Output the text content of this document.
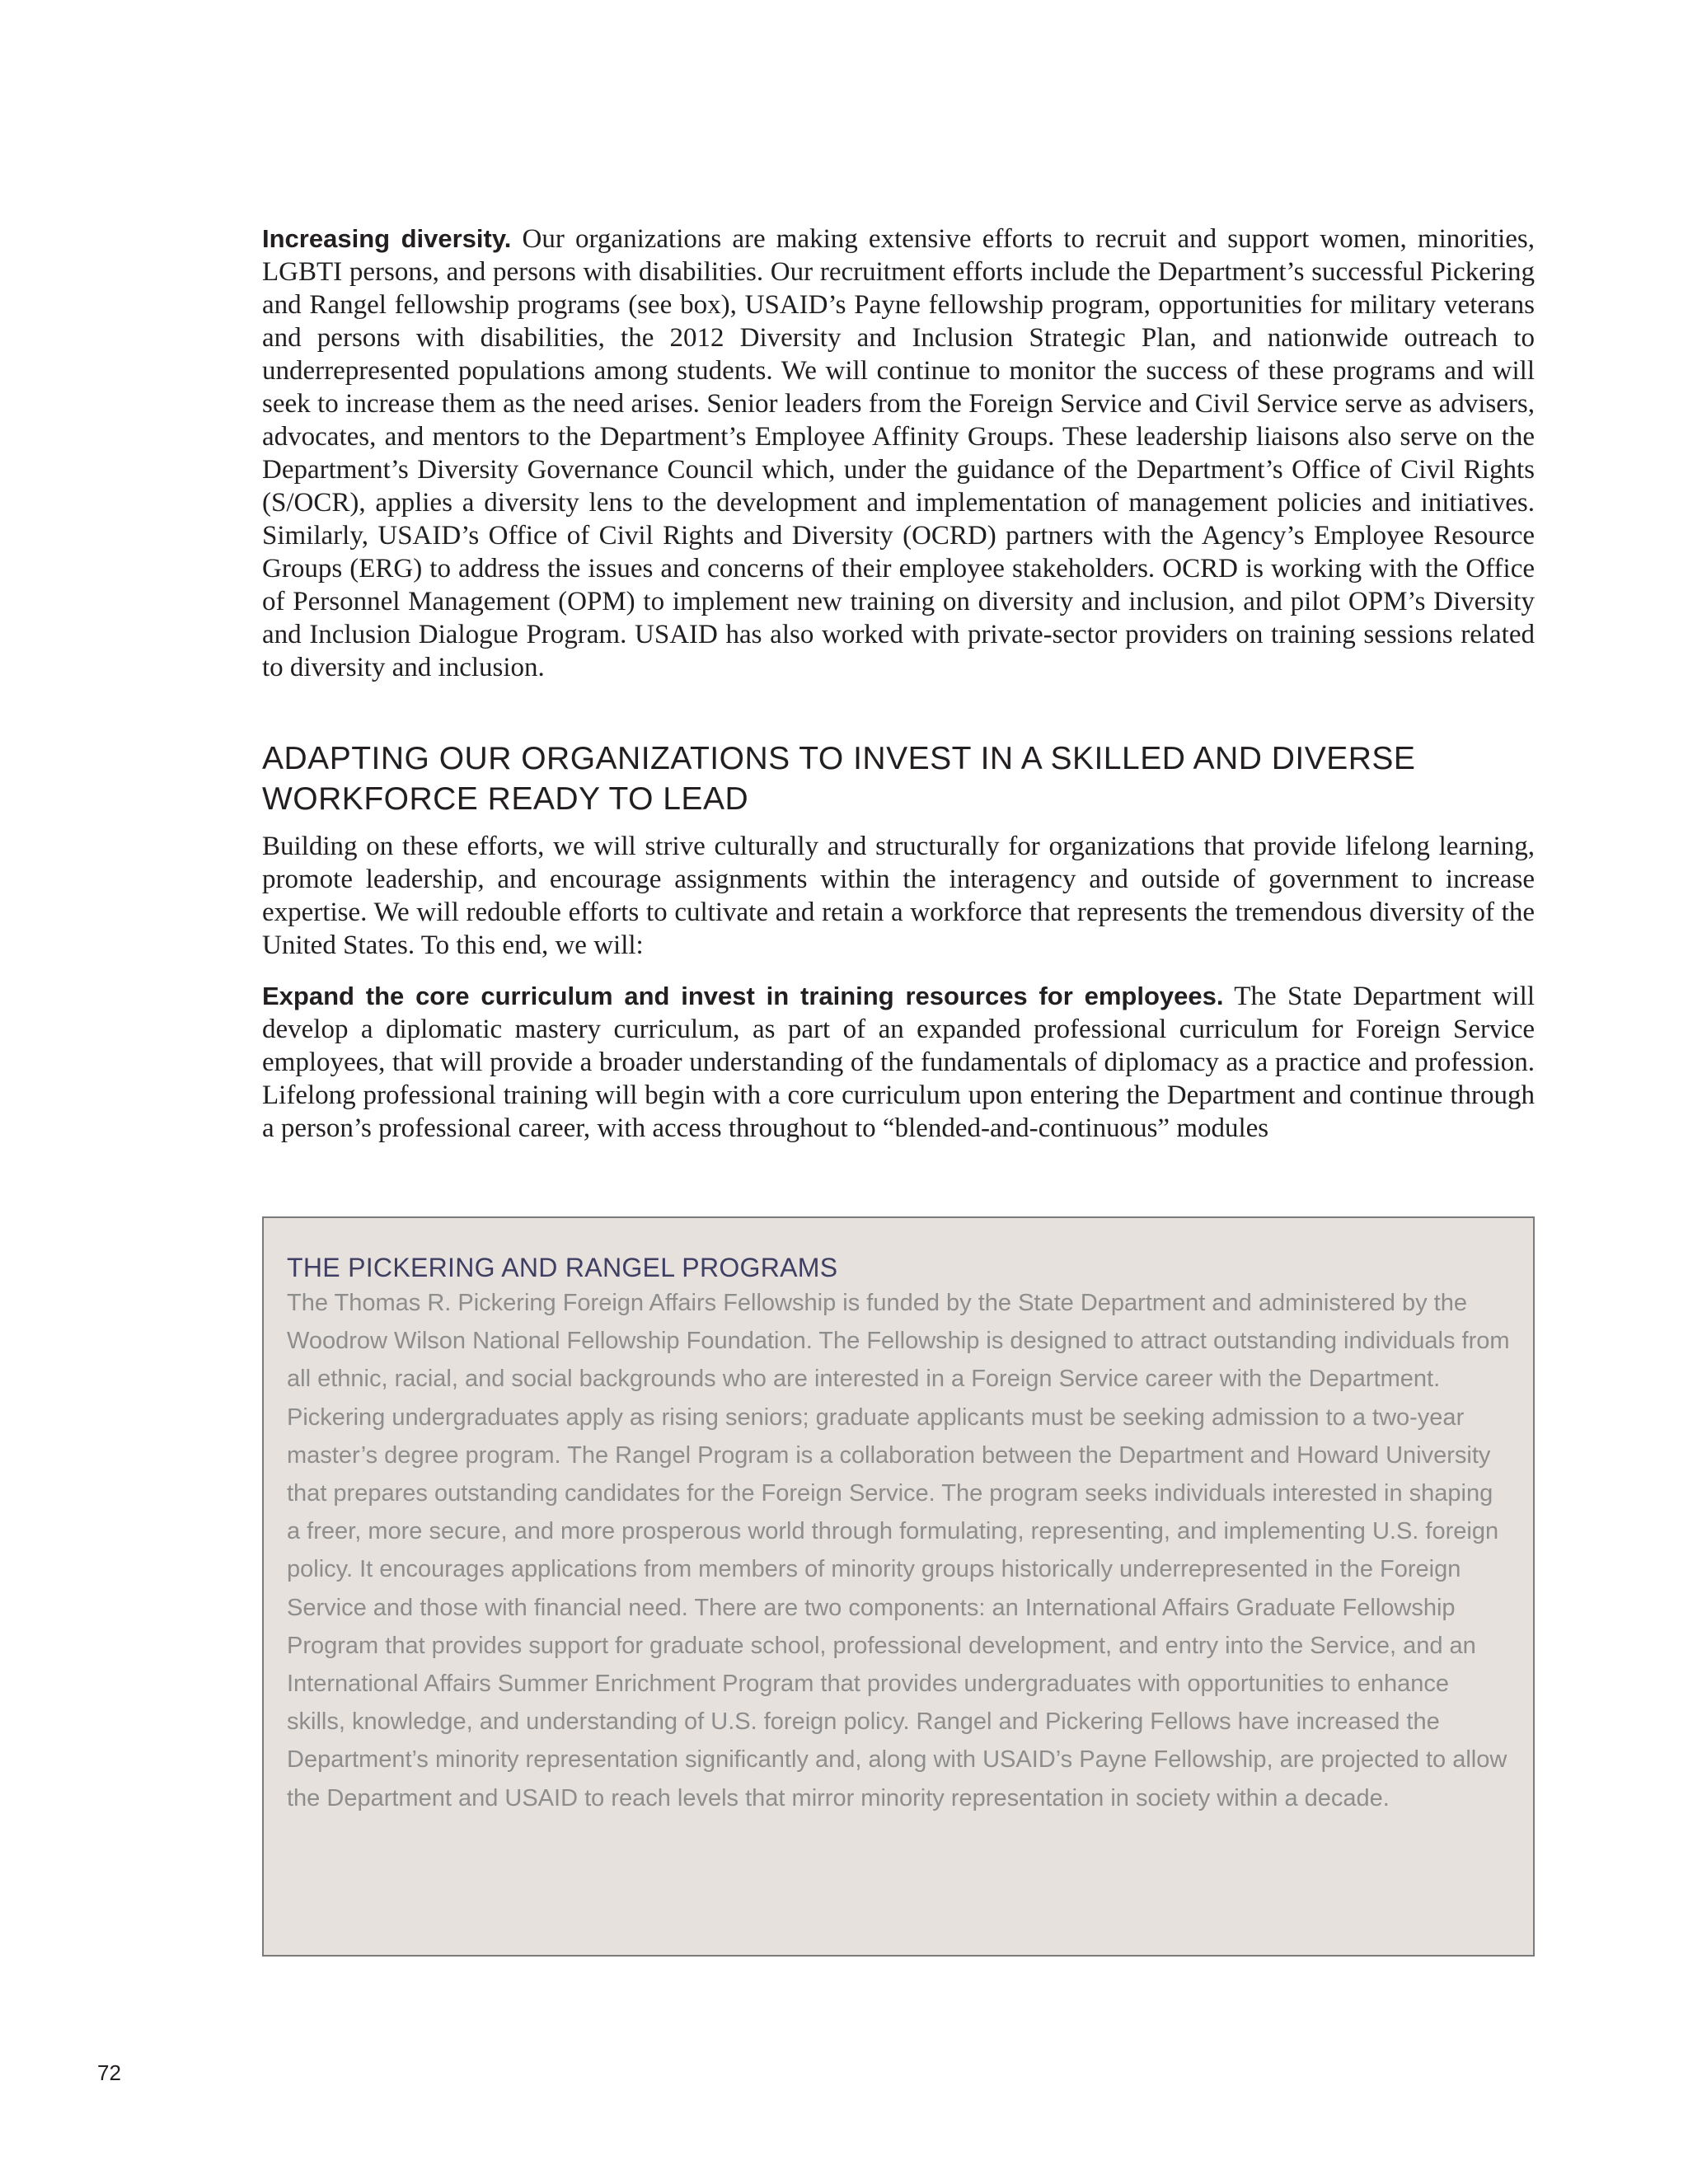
Increasing diversity. Our organizations are making extensive efforts to recruit and support women, minorities, LGBTI persons, and persons with disabilities. Our recruitment efforts include the Department’s successful Pickering and Rangel fellowship programs (see box), USAID’s Payne fellowship program, opportunities for military veterans and persons with disabilities, the 2012 Diversity and Inclusion Strategic Plan, and nationwide outreach to underrepresented populations among students. We will continue to monitor the success of these programs and will seek to increase them as the need arises. Senior leaders from the Foreign Service and Civil Service serve as advisers, advocates, and mentors to the Department’s Employee Affinity Groups. These leadership liaisons also serve on the Department’s Diversity Governance Council which, under the guidance of the Department’s Office of Civil Rights (S/OCR), applies a diversity lens to the development and implementation of management policies and initiatives. Similarly, USAID’s Office of Civil Rights and Diversity (OCRD) partners with the Agency’s Employee Resource Groups (ERG) to address the issues and concerns of their employee stakeholders. OCRD is working with the Office of Personnel Management (OPM) to implement new training on diversity and inclusion, and pilot OPM’s Diversity and Inclusion Dialogue Program. USAID has also worked with private-sector providers on training sessions related to diversity and inclusion.

ADAPTING OUR ORGANIZATIONS TO INVEST IN A SKILLED AND DIVERSE
WORKFORCE READY TO LEAD

Building on these efforts, we will strive culturally and structurally for organizations that provide lifelong learning, promote leadership, and encourage assignments within the interagency and outside of government to increase expertise. We will redouble efforts to cultivate and retain a workforce that represents the tremendous diversity of the United States. To this end, we will:

Expand the core curriculum and invest in training resources for employees. The State Department will develop a diplomatic mastery curriculum, as part of an expanded professional curriculum for Foreign Service employees, that will provide a broader understanding of the fundamentals of diplomacy as a practice and profession. Lifelong professional training will begin with a core curriculum upon entering the Department and continue through a person’s professional career, with access throughout to “blended-and-continuous” modules

THE PICKERING AND RANGEL PROGRAMS

The Thomas R. Pickering Foreign Affairs Fellowship is funded by the State Department and administered by the Woodrow Wilson National Fellowship Foundation. The Fellowship is designed to attract outstanding individuals from all ethnic, racial, and social backgrounds who are interested in a Foreign Service career with the Department. Pickering undergraduates apply as rising seniors; graduate applicants must be seeking admission to a two-year master’s degree program. The Rangel Program is a collaboration between the Department and Howard University that prepares outstanding candidates for the Foreign Service. The program seeks individuals interested in shaping a freer, more secure, and more prosperous world through formulating, representing, and implementing U.S. foreign policy. It encourages applications from members of minority groups historically underrepresented in the Foreign Service and those with financial need. There are two components: an International Affairs Graduate Fellowship Program that provides support for graduate school, professional development, and entry into the Service, and an International Affairs Summer Enrichment Program that provides undergraduates with opportunities to enhance skills, knowledge, and understanding of U.S. foreign policy. Rangel and Pickering Fellows have increased the Department’s minority representation significantly and, along with USAID’s Payne Fellowship, are projected to allow the Department and USAID to reach levels that mirror minority representation in society within a decade.

72
